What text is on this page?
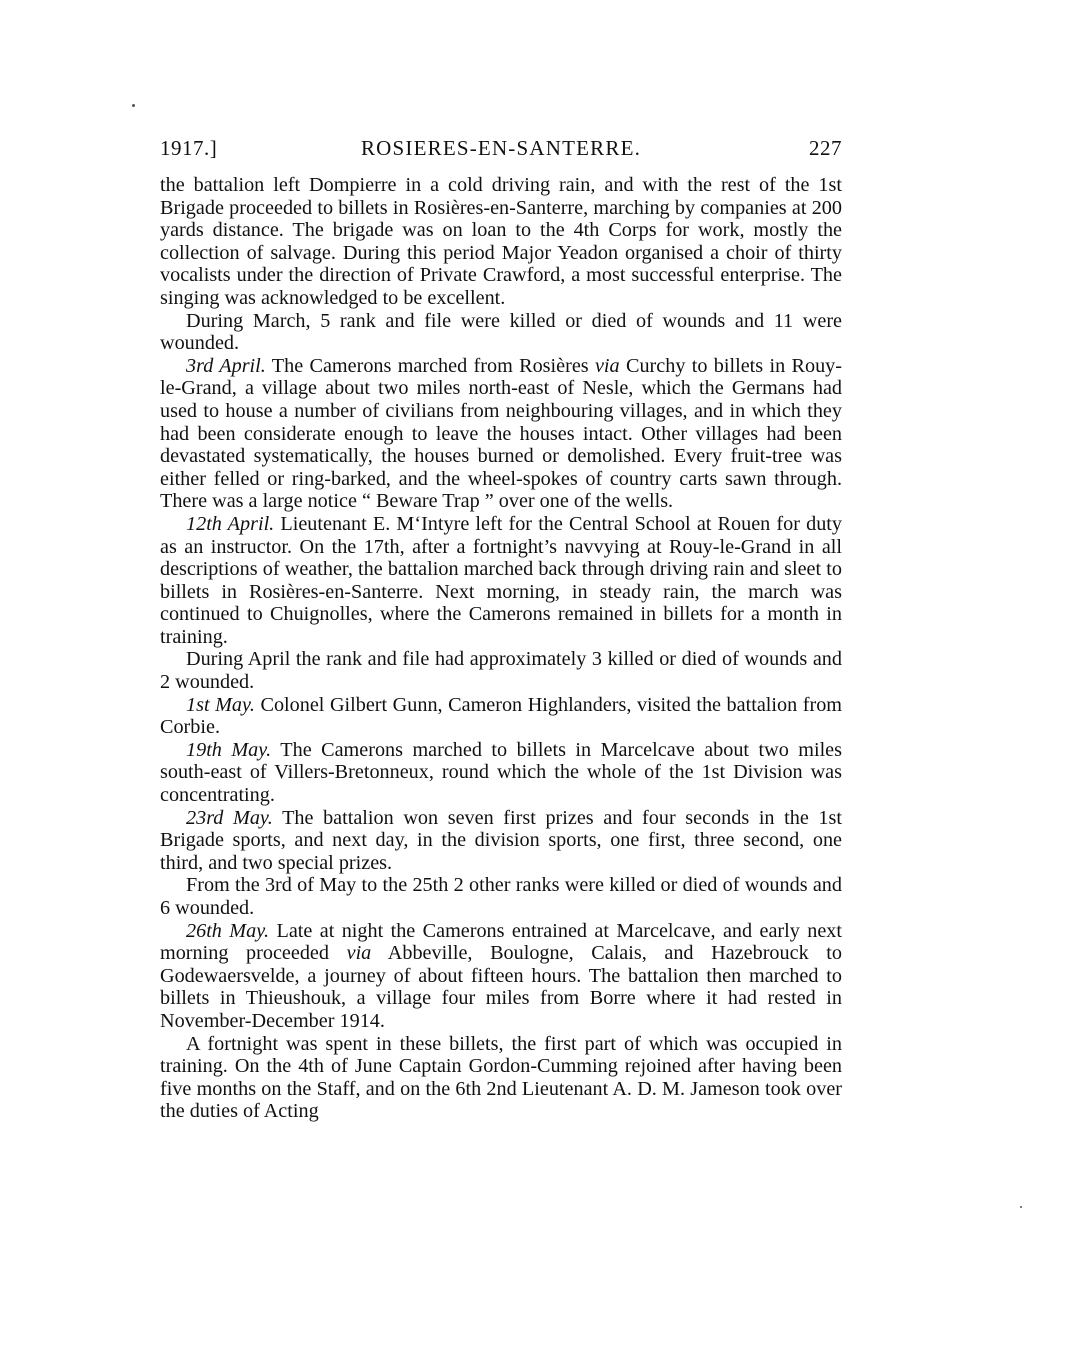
1917.]	ROSIERES-EN-SANTERRE.	227

the battalion left Dompierre in a cold driving rain, and with the rest of the 1st Brigade proceeded to billets in Rosières-en-Santerre, marching by companies at 200 yards distance. The brigade was on loan to the 4th Corps for work, mostly the collection of salvage. During this period Major Yeadon organised a choir of thirty vocalists under the direction of Private Crawford, a most successful enterprise. The singing was acknowledged to be excellent.

During March, 5 rank and file were killed or died of wounds and 11 were wounded.

3rd April. The Camerons marched from Rosières via Curchy to billets in Rouy-le-Grand, a village about two miles north-east of Nesle, which the Germans had used to house a number of civilians from neighbouring villages, and in which they had been considerate enough to leave the houses intact. Other villages had been devastated systematically, the houses burned or demolished. Every fruit-tree was either felled or ring-barked, and the wheel-spokes of country carts sawn through. There was a large notice “ Beware Trap ” over one of the wells.

12th April. Lieutenant E. M‘Intyre left for the Central School at Rouen for duty as an instructor. On the 17th, after a fortnight’s navvying at Rouy-le-Grand in all descriptions of weather, the battalion marched back through driving rain and sleet to billets in Rosières-en-Santerre. Next morning, in steady rain, the march was continued to Chuignolles, where the Camerons remained in billets for a month in training.

During April the rank and file had approximately 3 killed or died of wounds and 2 wounded.

1st May. Colonel Gilbert Gunn, Cameron Highlanders, visited the battalion from Corbie.

19th May. The Camerons marched to billets in Marcelcave about two miles south-east of Villers-Bretonneux, round which the whole of the 1st Division was concentrating.

23rd May. The battalion won seven first prizes and four seconds in the 1st Brigade sports, and next day, in the division sports, one first, three second, one third, and two special prizes.

From the 3rd of May to the 25th 2 other ranks were killed or died of wounds and 6 wounded.

26th May. Late at night the Camerons entrained at Marcelcave, and early next morning proceeded via Abbeville, Boulogne, Calais, and Hazebrouck to Godewaersvelde, a journey of about fifteen hours. The battalion then marched to billets in Thieushouk, a village four miles from Borre where it had rested in November-December 1914.

A fortnight was spent in these billets, the first part of which was occupied in training. On the 4th of June Captain Gordon-Cumming rejoined after having been five months on the Staff, and on the 6th 2nd Lieutenant A. D. M. Jameson took over the duties of Acting
